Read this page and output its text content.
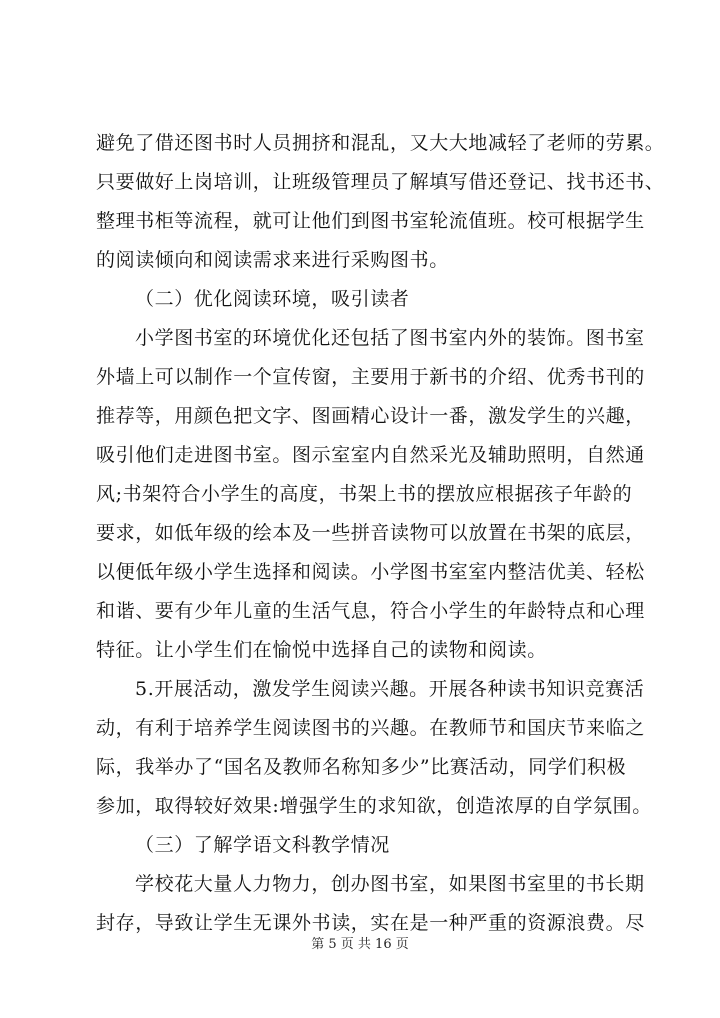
避免了借还图书时人员拥挤和混乱，又大大地减轻了老师的劳累。
只要做好上岗培训，让班级管理员了解填写借还登记、找书还书、
整理书柜等流程，就可让他们到图书室轮流值班。校可根据学生
的阅读倾向和阅读需求来进行采购图书。
（二）优化阅读环境，吸引读者
小学图书室的环境优化还包括了图书室内外的装饰。图书室
外墙上可以制作一个宣传窗，主要用于新书的介绍、优秀书刊的
推荐等，用颜色把文字、图画精心设计一番，激发学生的兴趣，
吸引他们走进图书室。图示室室内自然采光及辅助照明，自然通
风;书架符合小学生的高度，书架上书的摆放应根据孩子年龄的
要求，如低年级的绘本及一些拼音读物可以放置在书架的底层，
以便低年级小学生选择和阅读。小学图书室室内整洁优美、轻松
和谐、要有少年儿童的生活气息，符合小学生的年龄特点和心理
特征。让小学生们在愉悦中选择自己的读物和阅读。
5.开展活动，激发学生阅读兴趣。开展各种读书知识竞赛活
动，有利于培养学生阅读图书的兴趣。在教师节和国庆节来临之
际，我举办了“国名及教师名称知多少”比赛活动，同学们积极
参加，取得较好效果:增强学生的求知欲，创造浓厚的自学氛围。
（三）了解学语文科教学情况
学校花大量人力物力，创办图书室，如果图书室里的书长期
封存，导致让学生无课外书读，实在是一种严重的资源浪费。尽
第 5 页 共 16 页
